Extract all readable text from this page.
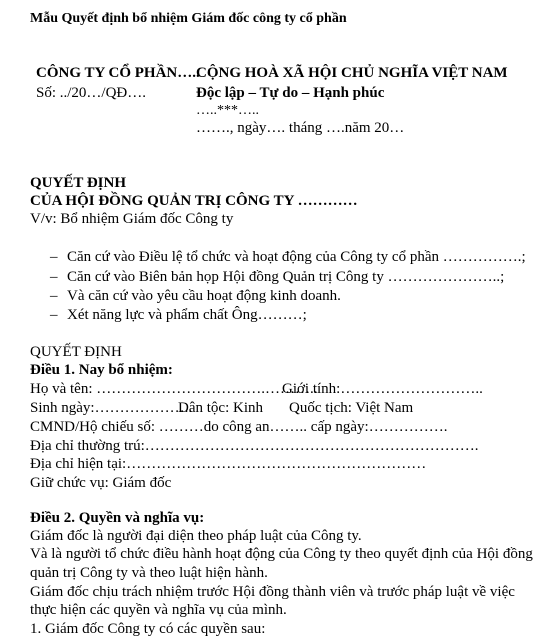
Mẫu Quyết định bổ nhiệm Giám đốc công ty cổ phần
CÔNG TY CỔ PHẦN…..
Số: ../20…/QĐ….
CỘNG HOÀ XÃ HỘI CHỦ NGHĨA VIỆT NAM
Độc lập – Tự do – Hạnh phúc
…..***…..
……., ngày…. tháng ….năm 20…
QUYẾT ĐỊNH
CỦA HỘI ĐỒNG QUẢN TRỊ CÔNG TY …………
V/v: Bổ nhiệm Giám đốc Công ty
– Căn cứ vào Điều lệ tổ chức và hoạt động của Công ty cổ phần …………….;
– Căn cứ vào Biên bản họp Hội đồng Quản trị Công ty …………………..;
– Và căn cứ vào yêu cầu hoạt động kinh doanh.
– Xét năng lực và phẩm chất Ông………;
QUYẾT ĐỊNH
Điều 1. Nay bổ nhiệm:
Họ và tên: …………………………….………..
Giới tính:………………………..
Sinh ngày:………………..
Dân tộc: Kinh Quốc tịch: Việt Nam
CMND/Hộ chiếu số: ………do công an…….. cấp ngày:…………….
Địa chỉ thường trú:………………………………………………………….
Địa chỉ hiện tại:……………………………………………………
Giữ chức vụ: Giám đốc
Điều 2. Quyền và nghĩa vụ:
Giám đốc là người đại diện theo pháp luật của Công ty.
Và là người tổ chức điều hành hoạt động của Công ty theo quyết định của Hội đồng
quản trị Công ty và theo luật hiện hành.
Giám đốc chịu trách nhiệm trước Hội đồng thành viên và trước pháp luật về việc
thực hiện các quyền và nghĩa vụ của mình.
1. Giám đốc Công ty có các quyền sau:
